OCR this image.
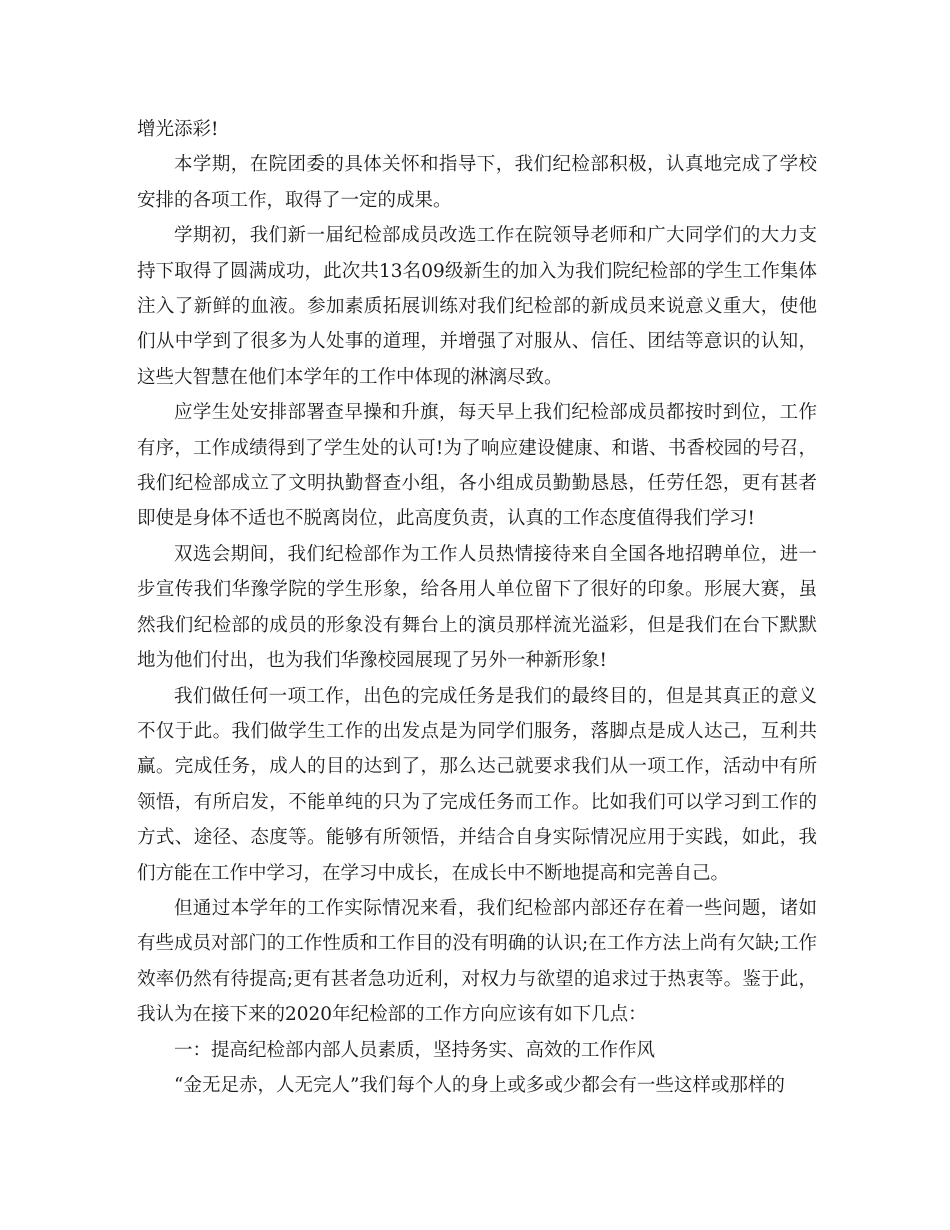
增光添彩!

本学期，在院团委的具体关怀和指导下，我们纪检部积极，认真地完成了学校安排的各项工作，取得了一定的成果。

学期初，我们新一届纪检部成员改选工作在院领导老师和广大同学们的大力支持下取得了圆满成功，此次共13名09级新生的加入为我们院纪检部的学生工作集体注入了新鲜的血液。参加素质拓展训练对我们纪检部的新成员来说意义重大，使他们从中学到了很多为人处事的道理，并增强了对服从、信任、团结等意识的认知，这些大智慧在他们本学年的工作中体现的淋漓尽致。

应学生处安排部署查早操和升旗，每天早上我们纪检部成员都按时到位，工作有序，工作成绩得到了学生处的认可!为了响应建设健康、和谐、书香校园的号召，我们纪检部成立了文明执勤督查小组，各小组成员勤勤恳恳，任劳任怨，更有甚者即使是身体不适也不脱离岗位，此高度负责，认真的工作态度值得我们学习!

双选会期间，我们纪检部作为工作人员热情接待来自全国各地招聘单位，进一步宣传我们华豫学院的学生形象，给各用人单位留下了很好的印象。形展大赛，虽然我们纪检部的成员的形象没有舞台上的演员那样流光溢彩，但是我们在台下默默地为他们付出，也为我们华豫校园展现了另外一种新形象!

我们做任何一项工作，出色的完成任务是我们的最终目的，但是其真正的意义不仅于此。我们做学生工作的出发点是为同学们服务，落脚点是成人达己，互利共赢。完成任务，成人的目的达到了，那么达己就要求我们从一项工作，活动中有所领悟，有所启发，不能单纯的只为了完成任务而工作。比如我们可以学习到工作的方式、途径、态度等。能够有所领悟，并结合自身实际情况应用于实践，如此，我们方能在工作中学习，在学习中成长，在成长中不断地提高和完善自己。

但通过本学年的工作实际情况来看，我们纪检部内部还存在着一些问题，诸如有些成员对部门的工作性质和工作目的没有明确的认识;在工作方法上尚有欠缺;工作效率仍然有待提高;更有甚者急功近利，对权力与欲望的追求过于热衷等。鉴于此，我认为在接下来的2020年纪检部的工作方向应该有如下几点：

一：提高纪检部内部人员素质，坚持务实、高效的工作作风

“金无足赤，人无完人”我们每个人的身上或多或少都会有一些这样或那样的
